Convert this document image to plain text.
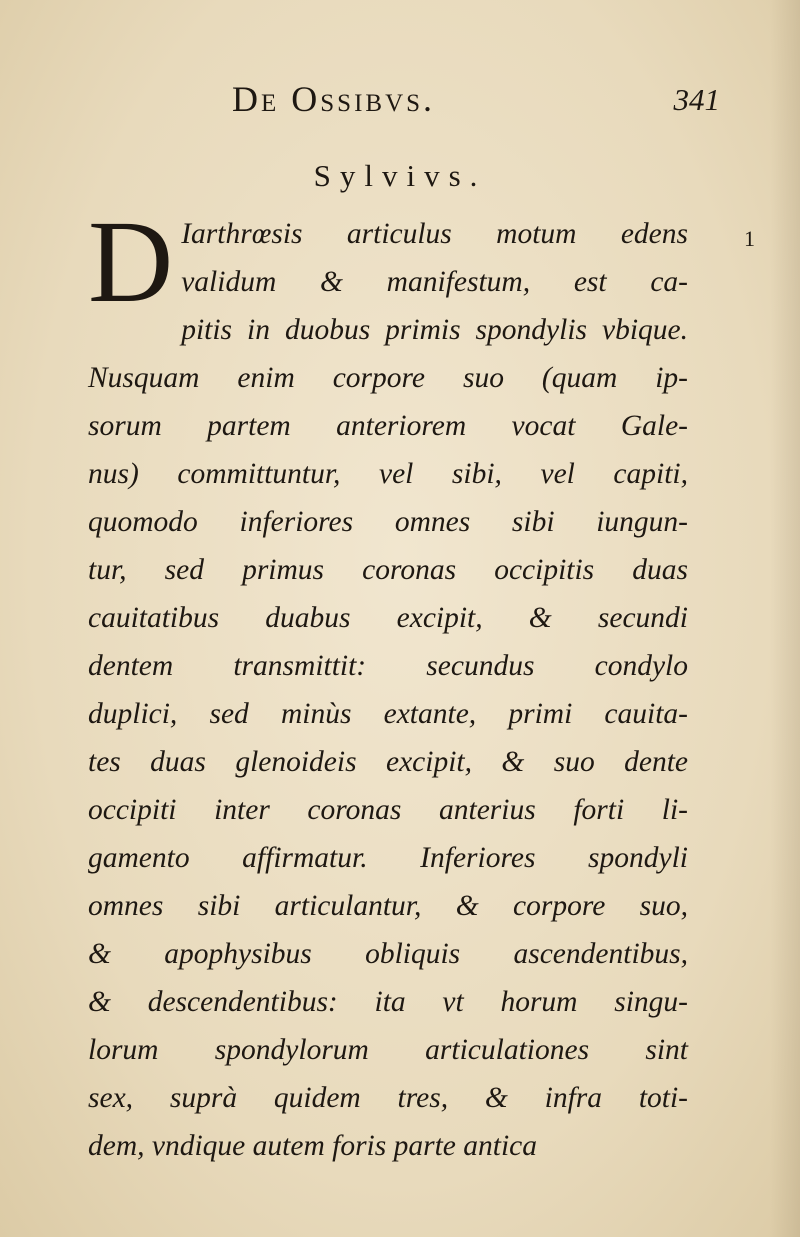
De Ossibvs.	341
Sylvivs.
1
D Iarthrœsis articulus motum edens
validum & manifestum, est ca-
pitis in duobus primis spondylis vbique.
Nusquam enim corpore suo (quam ip-
sorum partem anteriorem vocat Gale-
nus) committuntur, vel sibi, vel capiti,
quomodo inferiores omnes sibi iungun-
tur, sed primus coronas occipitis duas
cauitatibus duabus excipit, & secundi
dentem transmittit: secundus condylo
duplici, sed minùs extante, primi cauita-
tes duas glenoideis excipit, & suo dente
occipiti inter coronas anterius forti li-
gamento affirmatur. Inferiores spondyli
omnes sibi articulantur, & corpore suo,
& apophysibus obliquis ascendentibus,
& descendentibus: ita vt horum singu-
lorum spondylorum articulationes sint
sex, suprà quidem tres, & infra toti-
dem, vndique autem foris parte antica
